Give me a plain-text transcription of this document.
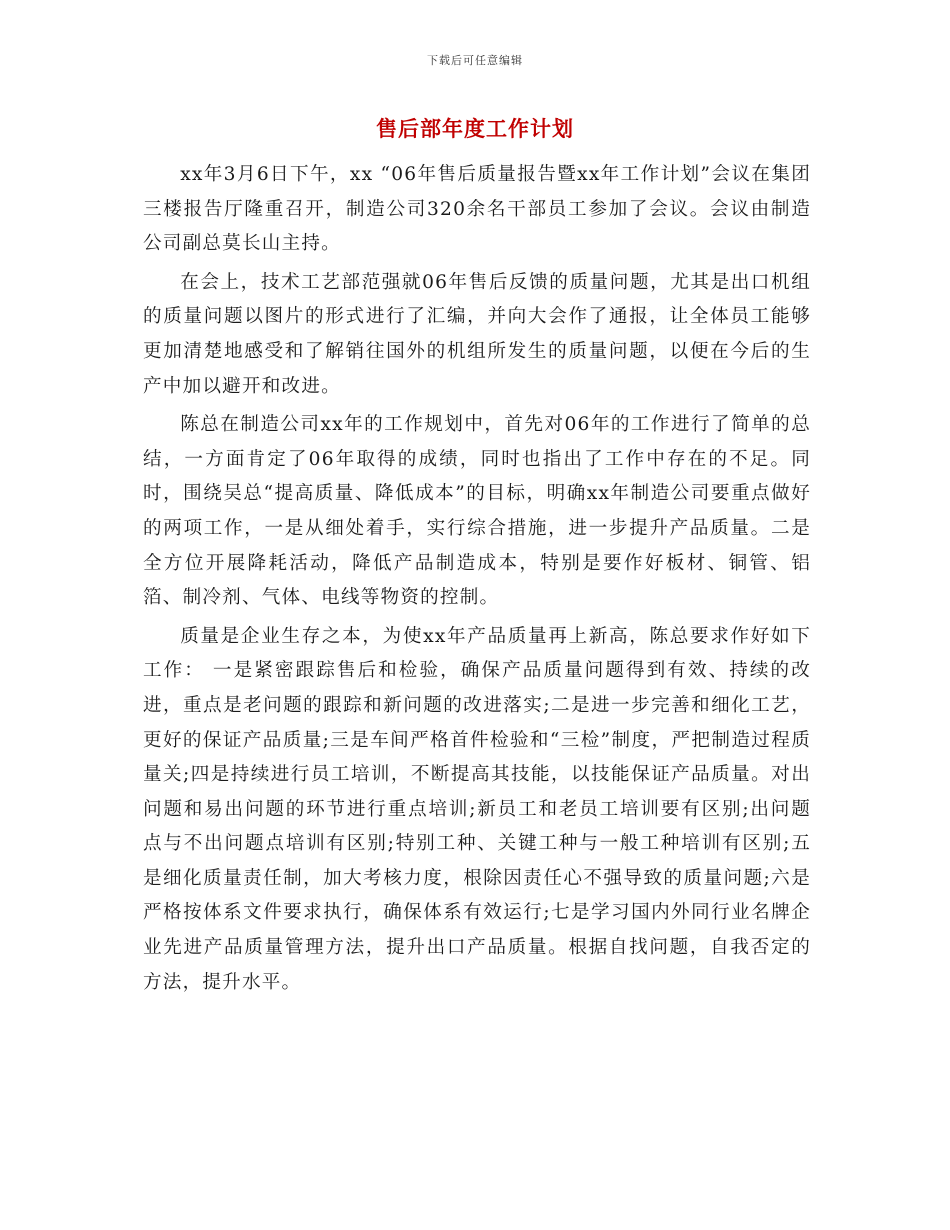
下载后可任意编辑
售后部年度工作计划

xx年3月6日下午，xx “06年售后质量报告暨xx年工作计划”会议在集团三楼报告厅隆重召开，制造公司320余名干部员工参加了会议。会议由制造公司副总莫长山主持。

在会上，技术工艺部范强就06年售后反馈的质量问题，尤其是出口机组的质量问题以图片的形式进行了汇编，并向大会作了通报，让全体员工能够更加清楚地感受和了解销往国外的机组所发生的质量问题，以便在今后的生产中加以避开和改进。

陈总在制造公司xx年的工作规划中，首先对06年的工作进行了简单的总结，一方面肯定了06年取得的成绩，同时也指出了工作中存在的不足。同时，围绕吴总“提高质量、降低成本”的目标，明确xx年制造公司要重点做好的两项工作，一是从细处着手，实行综合措施，进一步提升产品质量。二是全方位开展降耗活动，降低产品制造成本，特别是要作好板材、铜管、铝箔、制冷剂、气体、电线等物资的控制。

质量是企业生存之本，为使xx年产品质量再上新高，陈总要求作好如下工作： 一是紧密跟踪售后和检验，确保产品质量问题得到有效、持续的改进，重点是老问题的跟踪和新问题的改进落实;二是进一步完善和细化工艺，更好的保证产品质量;三是车间严格首件检验和“三检”制度，严把制造过程质量关;四是持续进行员工培训，不断提高其技能，以技能保证产品质量。对出问题和易出问题的环节进行重点培训;新员工和老员工培训要有区别;出问题点与不出问题点培训有区别;特别工种、关键工种与一般工种培训有区别;五是细化质量责任制，加大考核力度，根除因责任心不强导致的质量问题;六是严格按体系文件要求执行，确保体系有效运行;七是学习国内外同行业名牌企业先进产品质量管理方法，提升出口产品质量。根据自找问题，自我否定的方法，提升水平。
